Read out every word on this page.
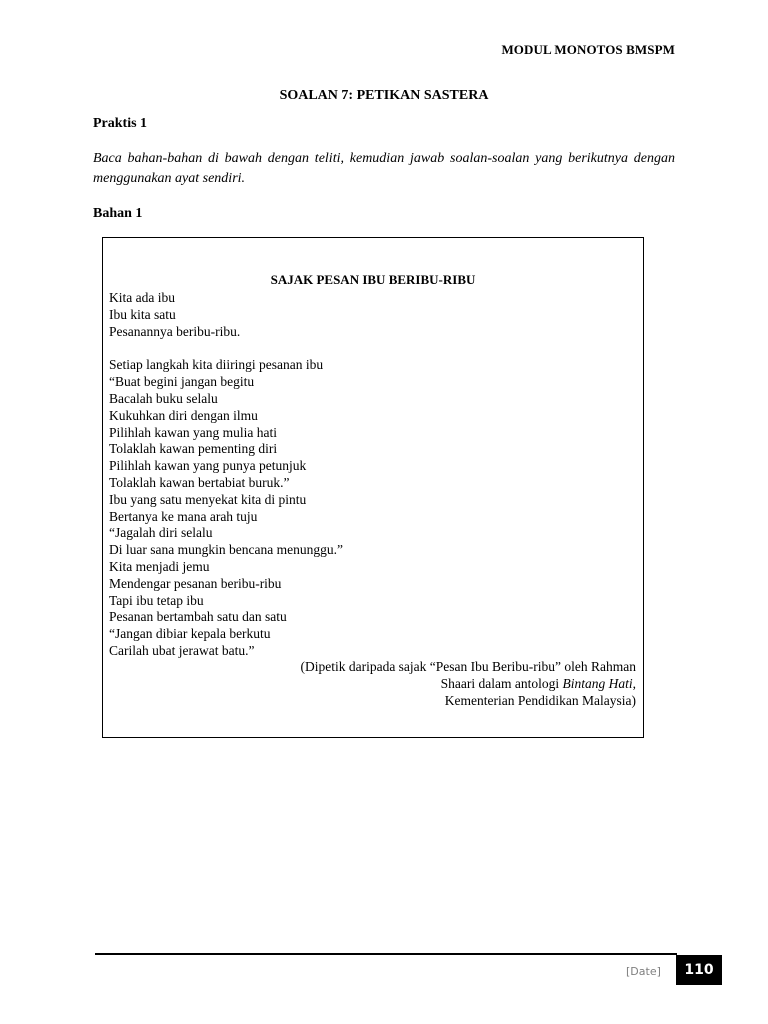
MODUL MONOTOS BMSPM
SOALAN 7: PETIKAN SASTERA
Praktis 1
Baca bahan-bahan di bawah dengan teliti, kemudian jawab soalan-soalan yang berikutnya dengan menggunakan ayat sendiri.
Bahan 1
SAJAK PESAN IBU BERIBU-RIBU
Kita ada ibu
Ibu kita satu
Pesanannya beribu-ribu.
Setiap langkah kita diiringi pesanan ibu
“Buat begini jangan begitu
Bacalah buku selalu
Kukuhkan diri dengan ilmu
Pilihlah kawan yang mulia hati
Tolaklah kawan pementing diri
Pilihlah kawan yang punya petunjuk
Tolaklah kawan bertabiat buruk.”
Ibu yang satu menyekat kita di pintu
Bertanya ke mana arah tuju
“Jagalah diri selalu
Di luar sana mungkin bencana menunggu.”
Kita menjadi jemu
Mendengar pesanan beribu-ribu
Tapi ibu tetap ibu
Pesanan bertambah satu dan satu
“Jangan dibiar kepala berkutu
Carilah ubat jerawat batu.”
(Dipetik daripada sajak “Pesan Ibu Beribu-ribu” oleh Rahman
Shaari dalam antologi Bintang Hati,
Kementerian Pendidikan Malaysia)
[Date]	110
